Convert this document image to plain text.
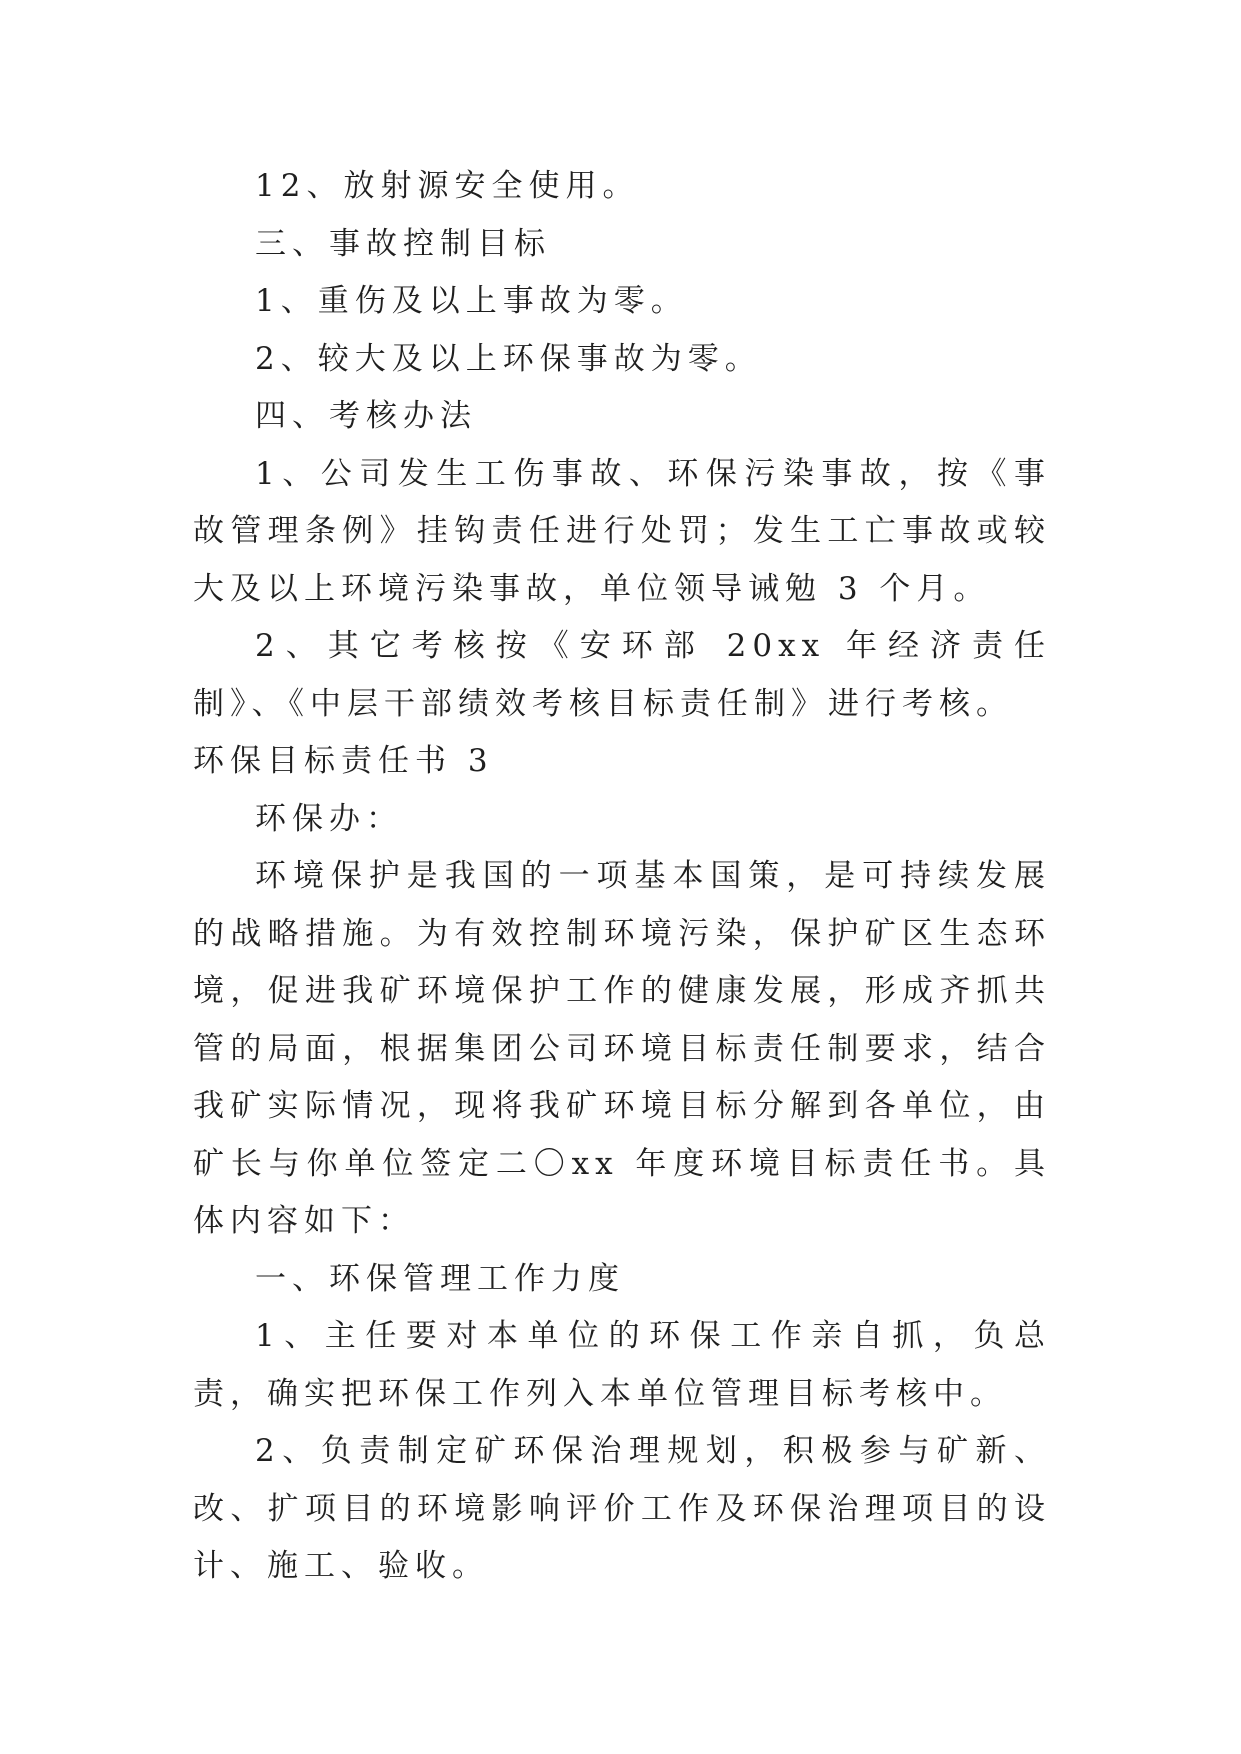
12、放射源安全使用。

三、事故控制目标

1、重伤及以上事故为零。

2、较大及以上环保事故为零。

四、考核办法

1、公司发生工伤事故、环保污染事故，按《事故管理条例》挂钩责任进行处罚；发生工亡事故或较大及以上环境污染事故，单位领导诫勉 3 个月。

2、其它考核按《安环部 20xx 年经济责任制》、《中层干部绩效考核目标责任制》进行考核。

环保目标责任书 3

环保办：

环境保护是我国的一项基本国策，是可持续发展的战略措施。为有效控制环境污染，保护矿区生态环境，促进我矿环境保护工作的健康发展，形成齐抓共管的局面，根据集团公司环境目标责任制要求，结合我矿实际情况，现将我矿环境目标分解到各单位，由矿长与你单位签定二〇xx 年度环境目标责任书。具体内容如下：

一、环保管理工作力度

1、主任要对本单位的环保工作亲自抓，负总责，确实把环保工作列入本单位管理目标考核中。

2、负责制定矿环保治理规划，积极参与矿新、改、扩项目的环境影响评价工作及环保治理项目的设计、施工、验收。
